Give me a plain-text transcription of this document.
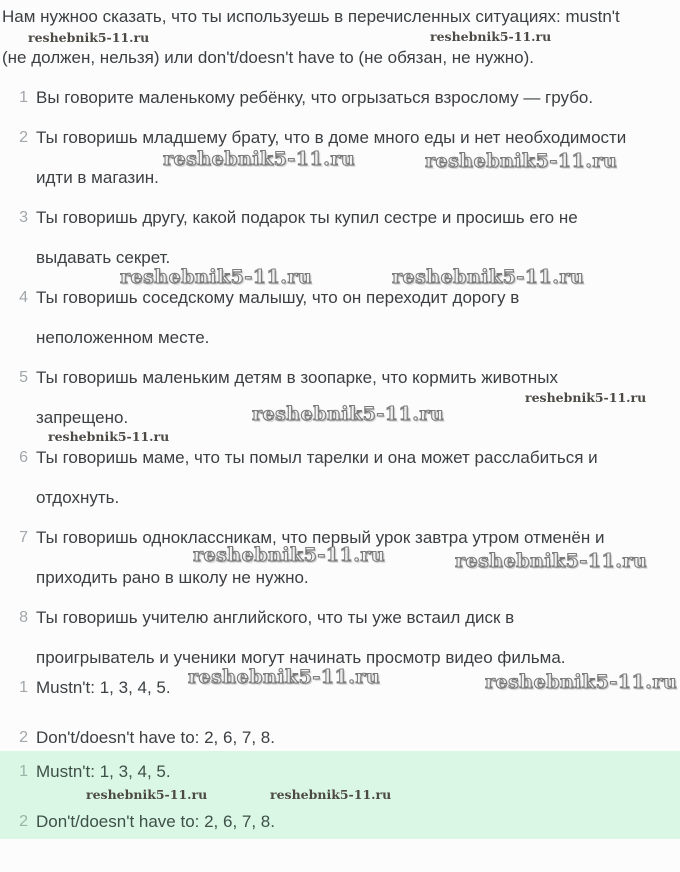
reshebnik5-11.ru	reshebnik5-11.ru
reshebnik5-11.ru
reshebnik5-11.ru
reshebnik5-11.ru	reshebnik5-11.ru
reshebnik5-11.ru	reshebnik5-11.ru
reshebnik5-11.ru	reshebnik5-11.ru
reshebnik5-11.ru
reshebnik5-11.ru	reshebnik5-11.ru
reshebnik5-11.ru	reshebnik5-11.ru
Нам нужноо сказать, что ты используешь в перечисленных ситуациях: mustn't
(не должен, нельзя) или don't/doesn't have to (не обязан, не нужно).
1 Вы говорите маленькому ребёнку, что огрызаться взрослому — грубо.
2 Ты говоришь младшему брату, что в доме много еды и нет необходимости
идти в магазин.
3 Ты говоришь другу, какой подарок ты купил сестре и просишь его не
выдавать секрет.
4 Ты говоришь соседскому малышу, что он переходит дорогу в
неположенном месте.
5 Ты говоришь маленьким детям в зоопарке, что кормить животных
запрещено.
6 Ты говоришь маме, что ты помыл тарелки и она может расслабиться и
отдохнуть.
7 Ты говоришь одноклассникам, что первый урок завтра утром отменён и
приходить рано в школу не нужно.
8 Ты говоришь учителю английского, что ты уже встаил диск в
проигрыватель и ученики могут начинать просмотр видео фильма.
1 Mustn't: 1, 3, 4, 5.
2 Don't/doesn't have to: 2, 6, 7, 8.
1 Mustn't: 1, 3, 4, 5.
2 Don't/doesn't have to: 2, 6, 7, 8.
